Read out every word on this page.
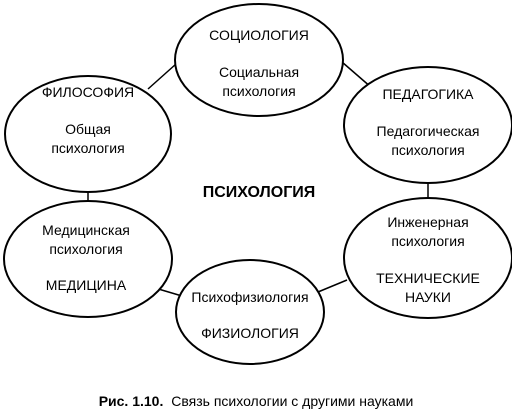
СОЦИОЛОГИЯ
Социальная
психология	ПЕДАГОГИКА
Педагогическая
психология
Инженерная
психология
ТЕХНИЧЕСКИЕ
НАУКИ
Психофизиология
ФИЗИОЛОГИЯ
Медицинская
психология
МЕДИЦИНА
ФИЛОСОФИЯ
Общая
психология
ПСИХОЛОГИЯ
Рис. 1.10. Связь психологии с другими науками
